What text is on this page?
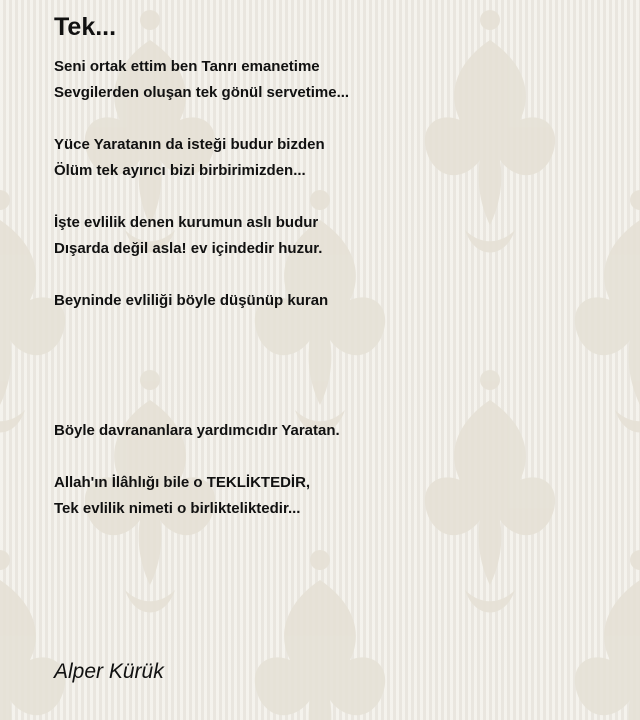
Tek...
Seni ortak ettim ben Tanrı emanetime
Sevgilerden oluşan tek gönül servetime...
Yüce Yaratanın da isteği budur bizden
Ölüm tek ayırıcı bizi birbirimizden...
İşte evlilik denen kurumun aslı budur
Dışarda değil asla! ev içindedir huzur.
Beyninde evliliği böyle düşünüp kuran
Böyle davrananlara yardımcıdır Yaratan.
Allah'ın İlâhlığı bile o TEKLİKTEDİR,
Tek evlilik nimeti o birlikteliktedir...
Alper Kürük
